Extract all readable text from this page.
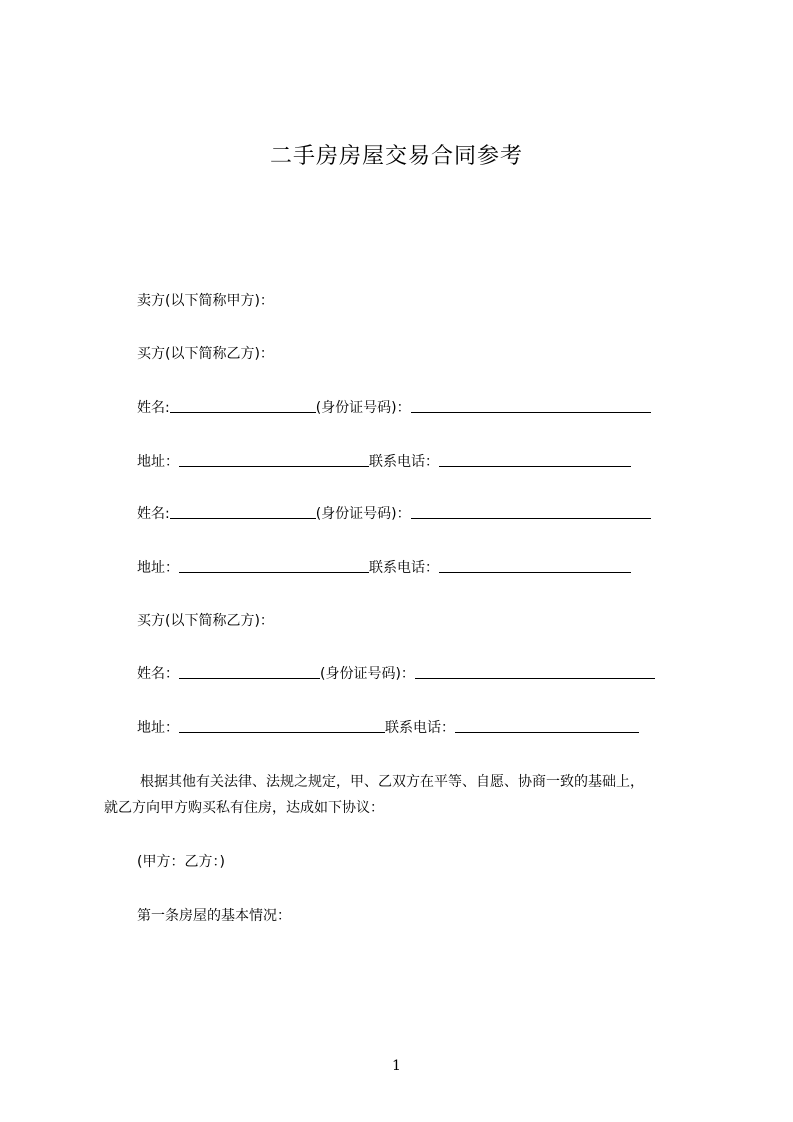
二手房房屋交易合同参考
卖方(以下简称甲方)：
买方(以下简称乙方)：
姓名:	(身份证号码)：
地址：	联系电话：
姓名:	(身份证号码)：
地址：	联系电话：
买方(以下简称乙方)：
姓名：	(身份证号码)：
地址：	联系电话：
根据其他有关法律、法规之规定，甲、乙双方在平等、自愿、协商一致的基础上，
就乙方向甲方购买私有住房，达成如下协议：
(甲方：乙方：)
第一条房屋的基本情况：
1
